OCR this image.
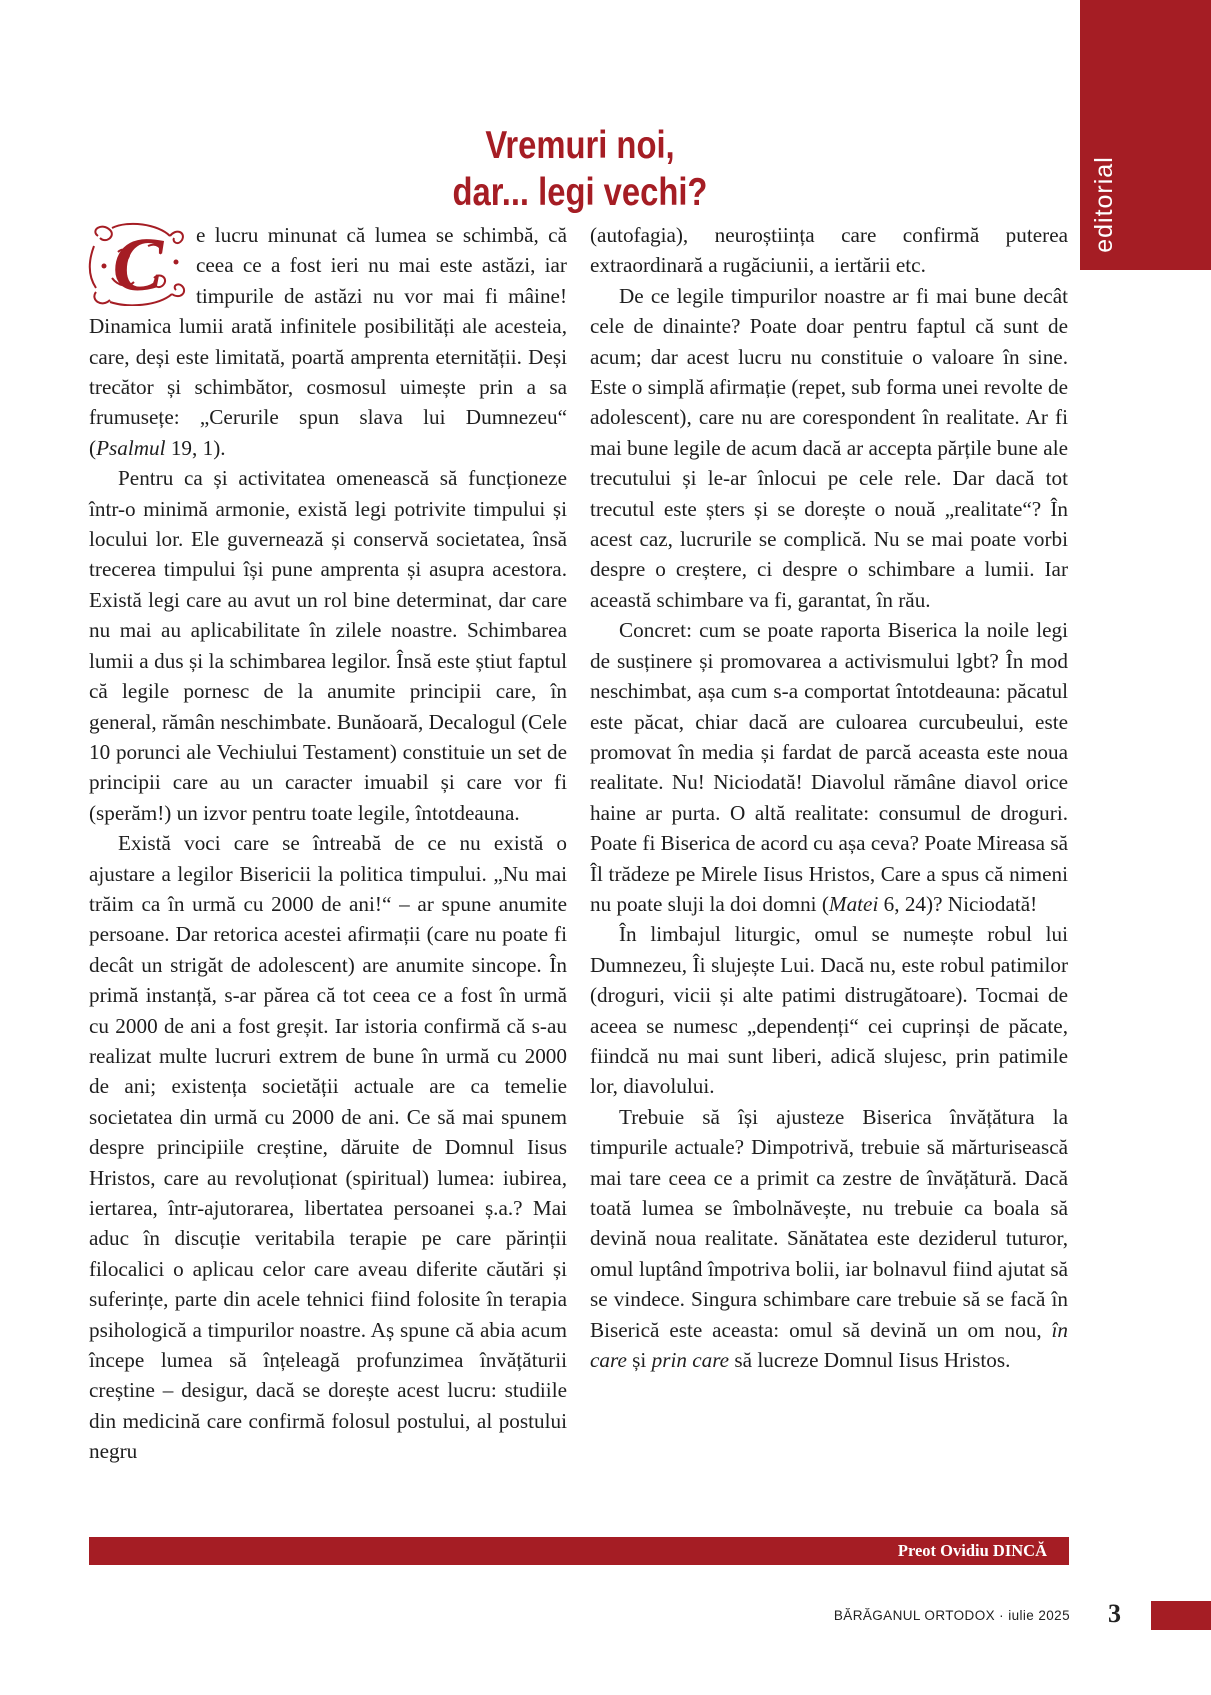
editorial
Vremuri noi,
dar... legi vechi?

C e lucru minunat că lumea se schimbă, că ceea ce a fost ieri nu mai este astăzi, iar timpurile de astăzi nu vor mai fi mâine! Dinamica lumii arată infinitele posibilități ale acesteia, care, deși este limitată, poartă amprenta eternității. Deși trecător și schimbător, cosmosul uimește prin a sa frumusețe: „Cerurile spun slava lui Dumnezeu“ (Psalmul 19, 1).

Pentru ca și activitatea omenească să funcționeze într-o minimă armonie, există legi potrivite timpului și locului lor. Ele guvernează și conservă societatea, însă trecerea timpului își pune amprenta și asupra acestora. Există legi care au avut un rol bine determinat, dar care nu mai au aplicabilitate în zilele noastre. Schimbarea lumii a dus și la schimbarea legilor. Însă este știut faptul că legile pornesc de la anumite principii care, în general, rămân neschimbate. Bunăoară, Decalogul (Cele 10 porunci ale Vechiului Testament) constituie un set de principii care au un caracter imuabil și care vor fi (sperăm!) un izvor pentru toate legile, întotdeauna.

Există voci care se întreabă de ce nu există o ajustare a legilor Bisericii la politica timpului. „Nu mai trăim ca în urmă cu 2000 de ani!“ – ar spune anumite persoane. Dar retorica acestei afirmații (care nu poate fi decât un strigăt de adolescent) are anumite sincope. În primă instanță, s-ar părea că tot ceea ce a fost în urmă cu 2000 de ani a fost greșit. Iar istoria confirmă că s-au realizat multe lucruri extrem de bune în urmă cu 2000 de ani; existența societății actuale are ca temelie societatea din urmă cu 2000 de ani. Ce să mai spunem despre principiile creștine, dăruite de Domnul Iisus Hristos, care au revoluționat (spiritual) lumea: iubirea, iertarea, într-ajutorarea, libertatea persoanei ș.a.? Mai aduc în discuție veritabila terapie pe care părinții filocalici o aplicau celor care aveau diferite căutări și suferințe, parte din acele tehnici fiind folosite în terapia psihologică a timpurilor noastre. Aș spune că abia acum începe lumea să înțeleagă profunzimea învățăturii creștine – desigur, dacă se dorește acest lucru: studiile din medicină care confirmă folosul postului, al postului negru

(autofagia), neuroștiința care confirmă puterea extraordinară a rugăciunii, a iertării etc.

De ce legile timpurilor noastre ar fi mai bune decât cele de dinainte? Poate doar pentru faptul că sunt de acum; dar acest lucru nu constituie o valoare în sine. Este o simplă afirmație (repet, sub forma unei revolte de adolescent), care nu are corespondent în realitate. Ar fi mai bune legile de acum dacă ar accepta părțile bune ale trecutului și le-ar înlocui pe cele rele. Dar dacă tot trecutul este șters și se dorește o nouă „realitate“? În acest caz, lucrurile se complică. Nu se mai poate vorbi despre o creștere, ci despre o schimbare a lumii. Iar această schimbare va fi, garantat, în rău.

Concret: cum se poate raporta Biserica la noile legi de susținere și promovarea a activismului lgbt? În mod neschimbat, așa cum s-a comportat întotdeauna: păcatul este păcat, chiar dacă are culoarea curcubeului, este promovat în media și fardat de parcă aceasta este noua realitate. Nu! Niciodată! Diavolul rămâne diavol orice haine ar purta. O altă realitate: consumul de droguri. Poate fi Biserica de acord cu așa ceva? Poate Mireasa să Îl trădeze pe Mirele Iisus Hristos, Care a spus că nimeni nu poate sluji la doi domni (Matei 6, 24)? Niciodată!

În limbajul liturgic, omul se numește robul lui Dumnezeu, Îi slujește Lui. Dacă nu, este robul patimilor (droguri, vicii și alte patimi distrugătoare). Tocmai de aceea se numesc „dependenți“ cei cuprinși de păcate, fiindcă nu mai sunt liberi, adică slujesc, prin patimile lor, diavolului.

Trebuie să își ajusteze Biserica învățătura la timpurile actuale? Dimpotrivă, trebuie să mărturisească mai tare ceea ce a primit ca zestre de învățătură. Dacă toată lumea se îmbolnăvește, nu trebuie ca boala să devină noua realitate. Sănătatea este deziderul tuturor, omul luptând împotriva bolii, iar bolnavul fiind ajutat să se vindece. Singura schimbare care trebuie să se facă în Biserică este aceasta: omul să devină un om nou, în care și prin care să lucreze Domnul Iisus Hristos.

Preot Ovidiu DINCĂ
BĂRĂGANUL ORTODOX · iulie 2025 3
